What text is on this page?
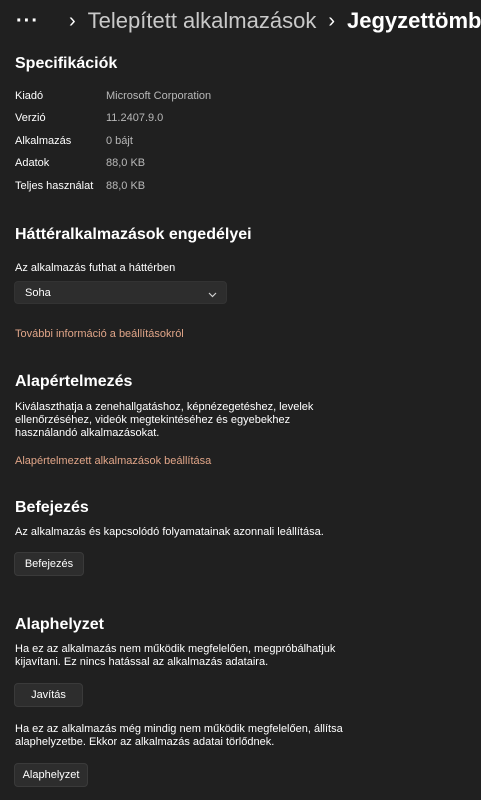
··· › Telepített alkalmazások › Jegyzettömb
Specifikációk
Kiadó	Microsoft Corporation
Verzió	11.2407.9.0
Alkalmazás	0 bájt
Adatok	88,0 KB
Teljes használat 88,0 KB
Háttéralkalmazások engedélyei
Az alkalmazás futhat a háttérben
Soha
További információ a beállításokról
Alapértelmezés
Kiválaszthatja a zenehallgatáshoz, képnézegetéshez, levelek ellenőrzéséhez, videók megtekintéséhez és egyebekhez használandó alkalmazásokat.
Alapértelmezett alkalmazások beállítása
Befejezés
Az alkalmazás és kapcsolódó folyamatainak azonnali leállítása.
Befejezés
Alaphelyzet
Ha ez az alkalmazás nem működik megfelelően, megpróbálhatjuk kijavítani. Ez nincs hatással az alkalmazás adataira.
Javítás
Ha ez az alkalmazás még mindig nem működik megfelelően, állítsa alaphelyzetbe. Ekkor az alkalmazás adatai törlődnek.
Alaphelyzet
